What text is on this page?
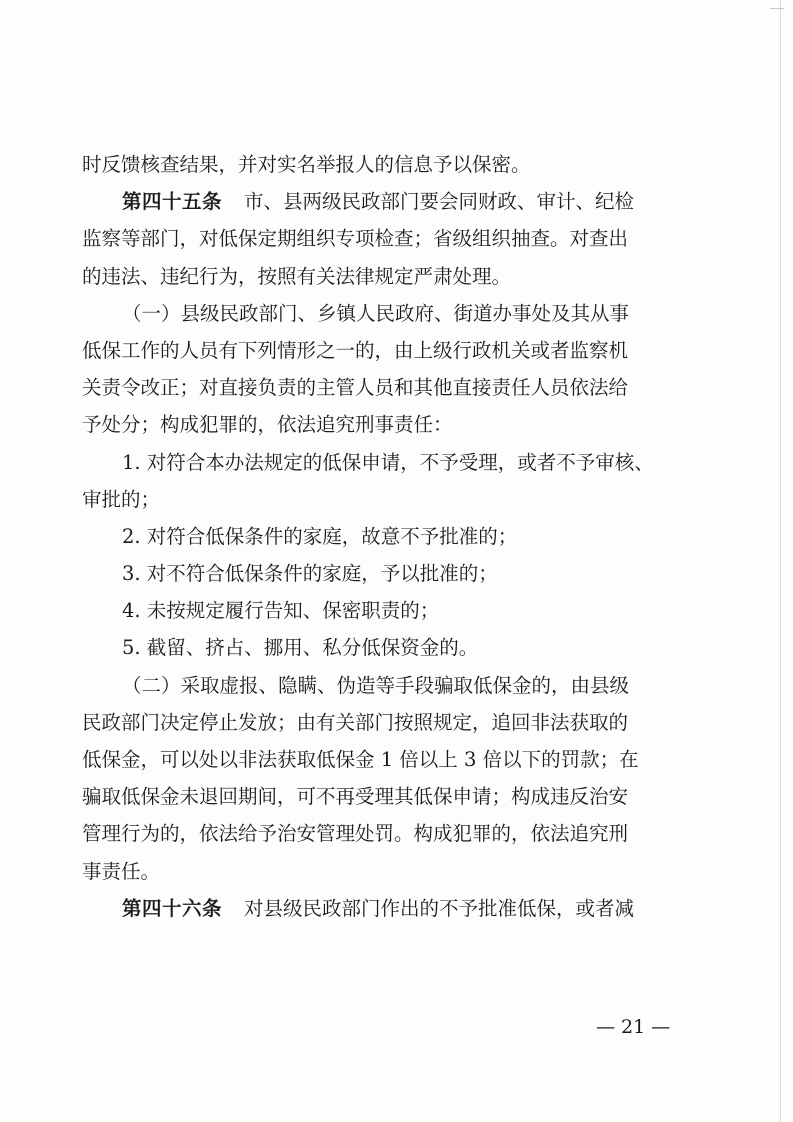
时反馈核查结果，并对实名举报人的信息予以保密。
第四十五条 市、县两级民政部门要会同财政、审计、纪检
监察等部门，对低保定期组织专项检查；省级组织抽查。对查出
的违法、违纪行为，按照有关法律规定严肃处理。
（一）县级民政部门、乡镇人民政府、街道办事处及其从事
低保工作的人员有下列情形之一的，由上级行政机关或者监察机
关责令改正；对直接负责的主管人员和其他直接责任人员依法给
予处分；构成犯罪的，依法追究刑事责任：
1. 对符合本办法规定的低保申请，不予受理，或者不予审核、
审批的；
2. 对符合低保条件的家庭，故意不予批准的；
3. 对不符合低保条件的家庭，予以批准的；
4. 未按规定履行告知、保密职责的；
5. 截留、挤占、挪用、私分低保资金的。
（二）采取虚报、隐瞒、伪造等手段骗取低保金的，由县级
民政部门决定停止发放；由有关部门按照规定，追回非法获取的
低保金，可以处以非法获取低保金 1 倍以上 3 倍以下的罚款；在
骗取低保金未退回期间，可不再受理其低保申请；构成违反治安
管理行为的，依法给予治安管理处罚。构成犯罪的，依法追究刑
事责任。
第四十六条 对县级民政部门作出的不予批准低保，或者减
— 21 —
